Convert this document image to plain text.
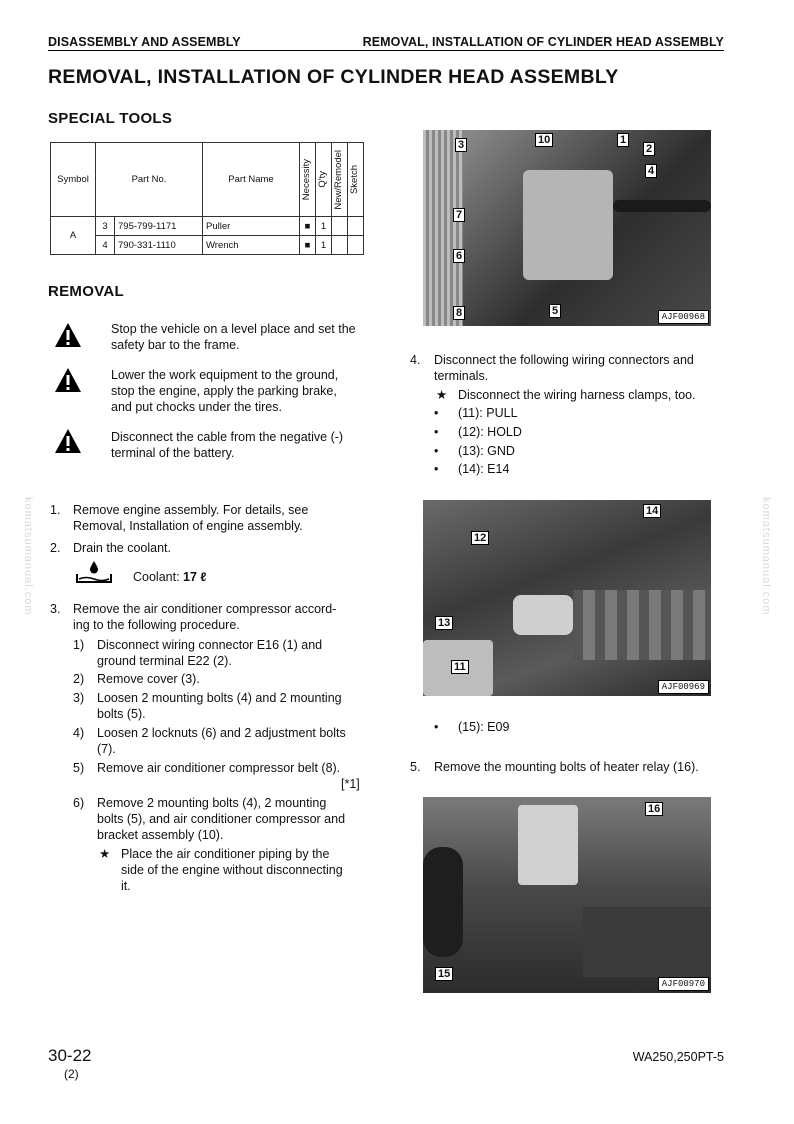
DISASSEMBLY AND ASSEMBLY	REMOVAL, INSTALLATION OF CYLINDER HEAD ASSEMBLY
REMOVAL, INSTALLATION OF CYLINDER HEAD ASSEMBLY
SPECIAL TOOLS
Symbol	Part No.		Part Name	Necessity	Q'ty	New/Remodel	Sketch

A	3	795-799-1171	Puller	■	1		
	4	790-331-1110	Wrench	■	1		
REMOVAL
Stop the vehicle on a level place and set the safety bar to the frame.
Lower the work equipment to the ground, stop the engine, apply the parking brake, and put chocks under the tires.
Disconnect the cable from the negative (-) terminal of the battery.
1. Remove engine assembly. For details, see
Removal, Installation of engine assembly.
2. Drain the coolant.
Coolant: 17 ℓ
3. Remove the air conditioner compressor accord-
ing to the following procedure.
1) Disconnect wiring connector E16 (1) and
ground terminal E22 (2).
2) Remove cover (3).
3) Loosen 2 mounting bolts (4) and 2 mounting
bolts (5).
4) Loosen 2 locknuts (6) and 2 adjustment bolts
(7).
5) Remove air conditioner compressor belt (8).
[*1]
6) Remove 2 mounting bolts (4), 2 mounting
bolts (5), and air conditioner compressor and
bracket assembly (10).
★ Place the air conditioner piping by the
side of the engine without disconnecting
it.
komatsumanual.com	komatsumanual.com
3	10	1
2
4
7
6
8	5	AJF00968
4. Disconnect the following wiring connectors and
terminals.
★ Disconnect the wiring harness clamps, too.
• (11): PULL
• (12): HOLD
• (13): GND
• (14): E14
14
12
13
11
AJF00969
• (15): E09
5. Remove the mounting bolts of heater relay (16).
16
15
AJF00970
30-22
(2)
WA250,250PT-5
